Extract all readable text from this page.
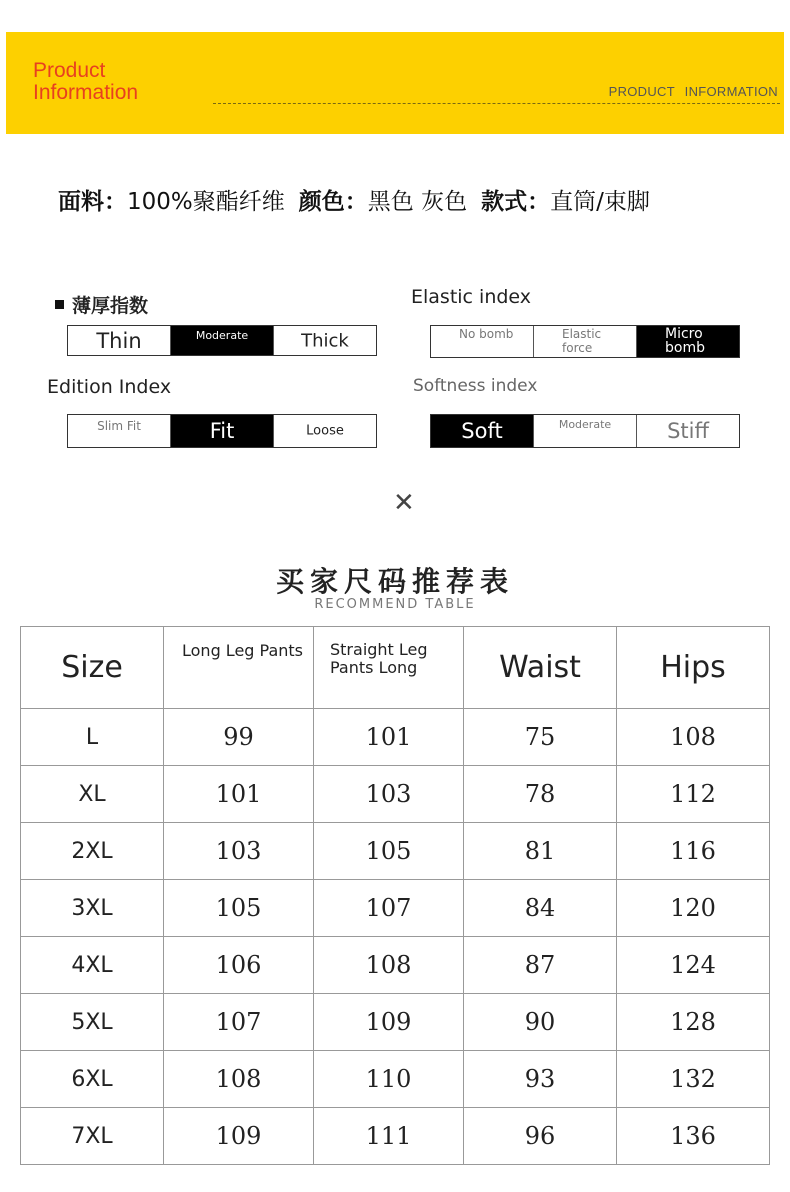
Product
Information	PRODUCT INFORMATION
面料：100%聚酯纤维 颜色：黑色 灰色 款式：直筒/束脚
薄厚指数
Thin	Moderate	Thick
Elastic index
No bomb	Elastic force
Micro bomb
Edition Index
Slim Fit	Fit	Loose
Softness index
Soft	Moderate	Stiff
✕
买家尺码推荐表
RECOMMEND TABLE
Size	Long Leg Pants	Straight Leg Pants Long	Waist	Hips
L	99	101	75	108
XL	101	103	78	112
2XL	103	105	81	116
3XL	105	107	84	120
4XL	106	108	87	124
5XL	107	109	90	128
6XL	108	110	93	132
7XL	109	111	96	136
